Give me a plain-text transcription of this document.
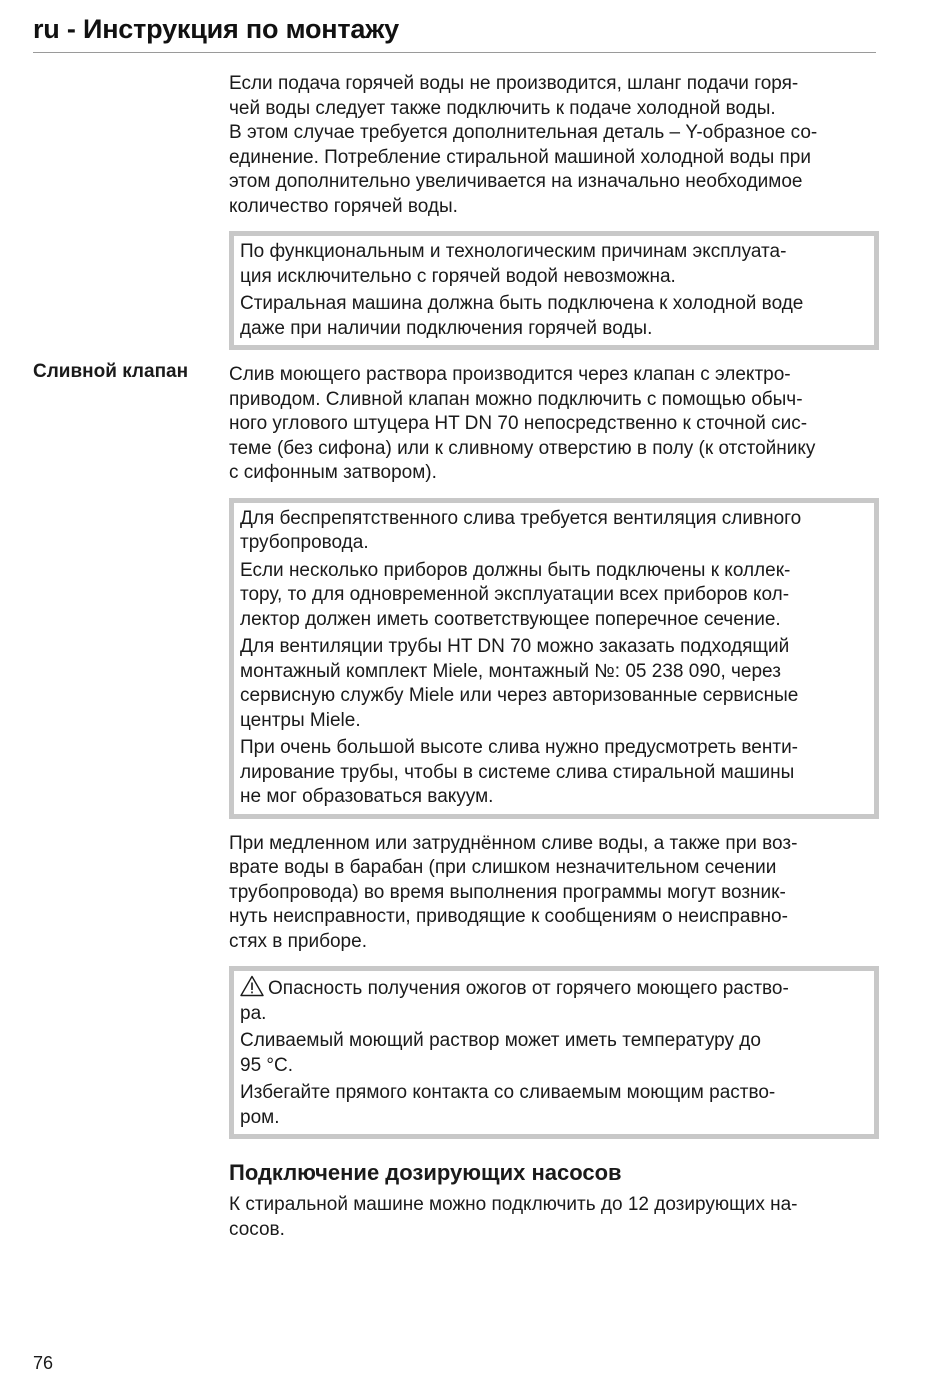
ru - Инструкция по монтажу
Сливной клапан
Если подача горячей воды не производится, шланг подачи горя-
чей воды следует также подключить к подаче холодной воды.
В этом случае требуется дополнительная деталь – Y-образное со-
единение. Потребление стиральной машиной холодной воды при
этом дополнительно увеличивается на изначально необходимое
количество горячей воды.
По функциональным и технологическим причинам эксплуата-
ция исключительно с горячей водой невозможна.
Стиральная машина должна быть подключена к холодной воде
даже при наличии подключения горячей воды.
Слив моющего раствора производится через клапан с электро-
приводом. Сливной клапан можно подключить с помощью обыч-
ного углового штуцера HT DN 70 непосредственно к сточной сис-
теме (без сифона) или к сливному отверстию в полу (к отстойнику
с сифонным затвором).
Для беспрепятственного слива требуется вентиляция сливного
трубопровода.
Если несколько приборов должны быть подключены к коллек-
тору, то для одновременной эксплуатации всех приборов кол-
лектор должен иметь соответствующее поперечное сечение.
Для вентиляции трубы HT DN 70 можно заказать подходящий
монтажный комплект Miele, монтажный №: 05 238 090, через
сервисную службу Miele или через авторизованные сервисные
центры Miele.
При очень большой высоте слива нужно предусмотреть венти-
лирование трубы, чтобы в системе слива стиральной машины
не мог образоваться вакуум.
При медленном или затруднённом сливе воды, а также при воз-
врате воды в барабан (при слишком незначительном сечении
трубопровода) во время выполнения программы могут возник-
нуть неисправности, приводящие к сообщениям о неисправно-
стях в приборе.
Опасность получения ожогов от горячего моющего раство-
ра.
Сливаемый моющий раствор может иметь температуру до
95 °C.
Избегайте прямого контакта со сливаемым моющим раство-
ром.
Подключение дозирующих насосов
К стиральной машине можно подключить до 12 дозирующих на-
сосов.
76
